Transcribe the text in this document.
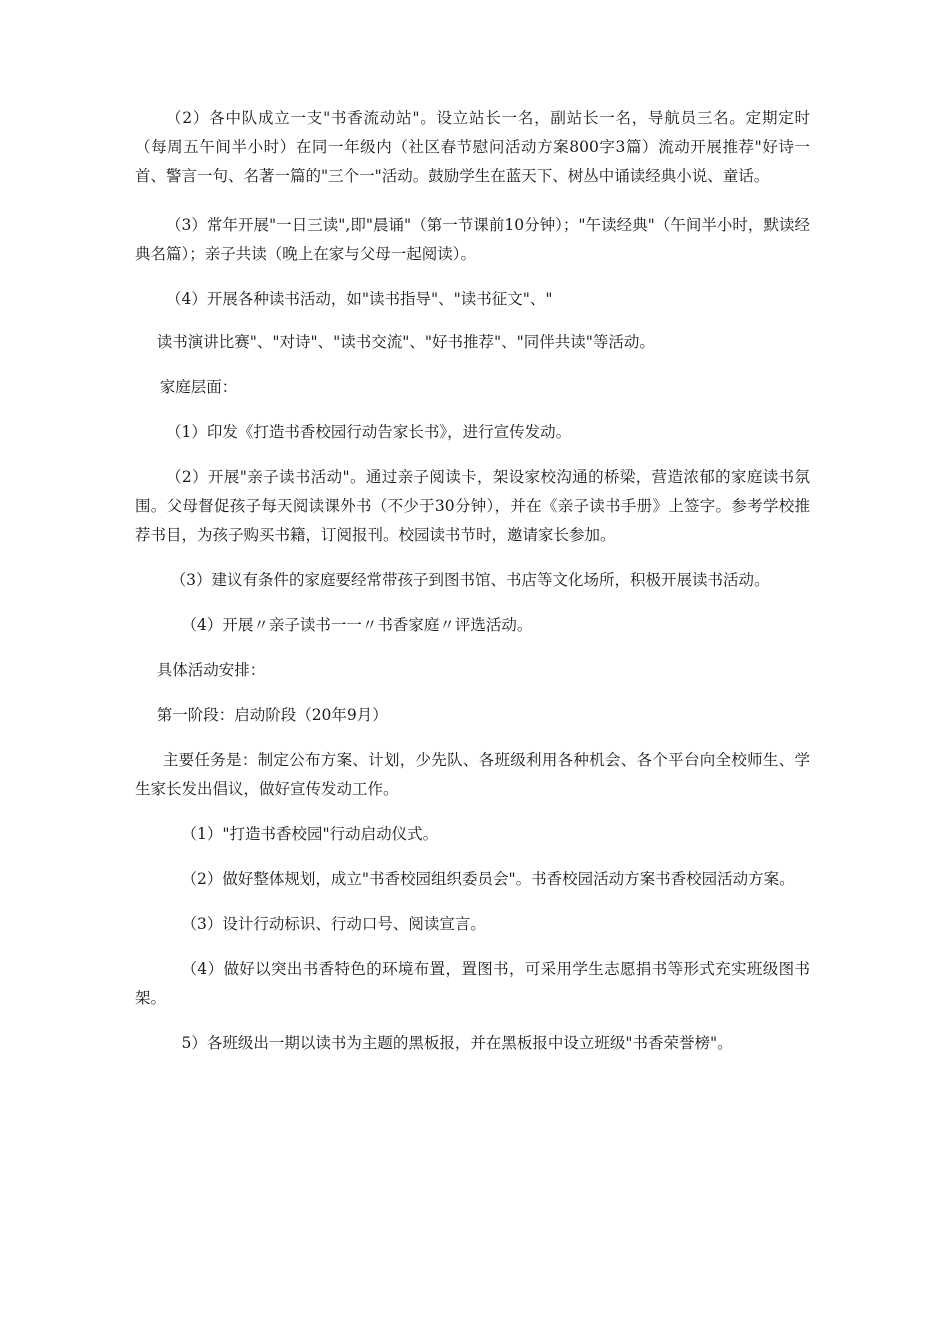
（2）各中队成立一支"书香流动站"。设立站长一名，副站长一名，导航员三名。定期定时（每周五午间半小时）在同一年级内（社区春节慰问活动方案800字3篇）流动开展推荐"好诗一首、警言一句、名著一篇的"三个一"活动。鼓励学生在蓝天下、树丛中诵读经典小说、童话。

（3）常年开展"一日三读",即"晨诵"（第一节课前10分钟）；"午读经典"（午间半小时，默读经典名篇）；亲子共读（晚上在家与父母一起阅读）。

（4）开展各种读书活动，如"读书指导"、"读书征文"、"

读书演讲比赛"、"对诗"、"读书交流"、"好书推荐"、"同伴共读"等活动。

家庭层面：

（1）印发《打造书香校园行动告家长书》，进行宣传发动。

（2）开展"亲子读书活动"。通过亲子阅读卡，架设家校沟通的桥梁，营造浓郁的家庭读书氛围。父母督促孩子每天阅读课外书（不少于30分钟），并在《亲子读书手册》上签字。参考学校推荐书目，为孩子购买书籍，订阅报刊。校园读书节时，邀请家长参加。

（3）建议有条件的家庭要经常带孩子到图书馆、书店等文化场所，积极开展读书活动。

（4）开展〃亲子读书一一〃书香家庭〃评选活动。

具体活动安排：

第一阶段：启动阶段（20年9月）

主要任务是：制定公布方案、计划，少先队、各班级利用各种机会、各个平台向全校师生、学生家长发出倡议，做好宣传发动工作。

（1）"打造书香校园"行动启动仪式。

（2）做好整体规划，成立"书香校园组织委员会"。书香校园活动方案书香校园活动方案。

（3）设计行动标识、行动口号、阅读宣言。

（4）做好以突出书香特色的环境布置，置图书，可采用学生志愿捐书等形式充实班级图书架。

5）各班级出一期以读书为主题的黑板报，并在黑板报中设立班级"书香荣誉榜"。
